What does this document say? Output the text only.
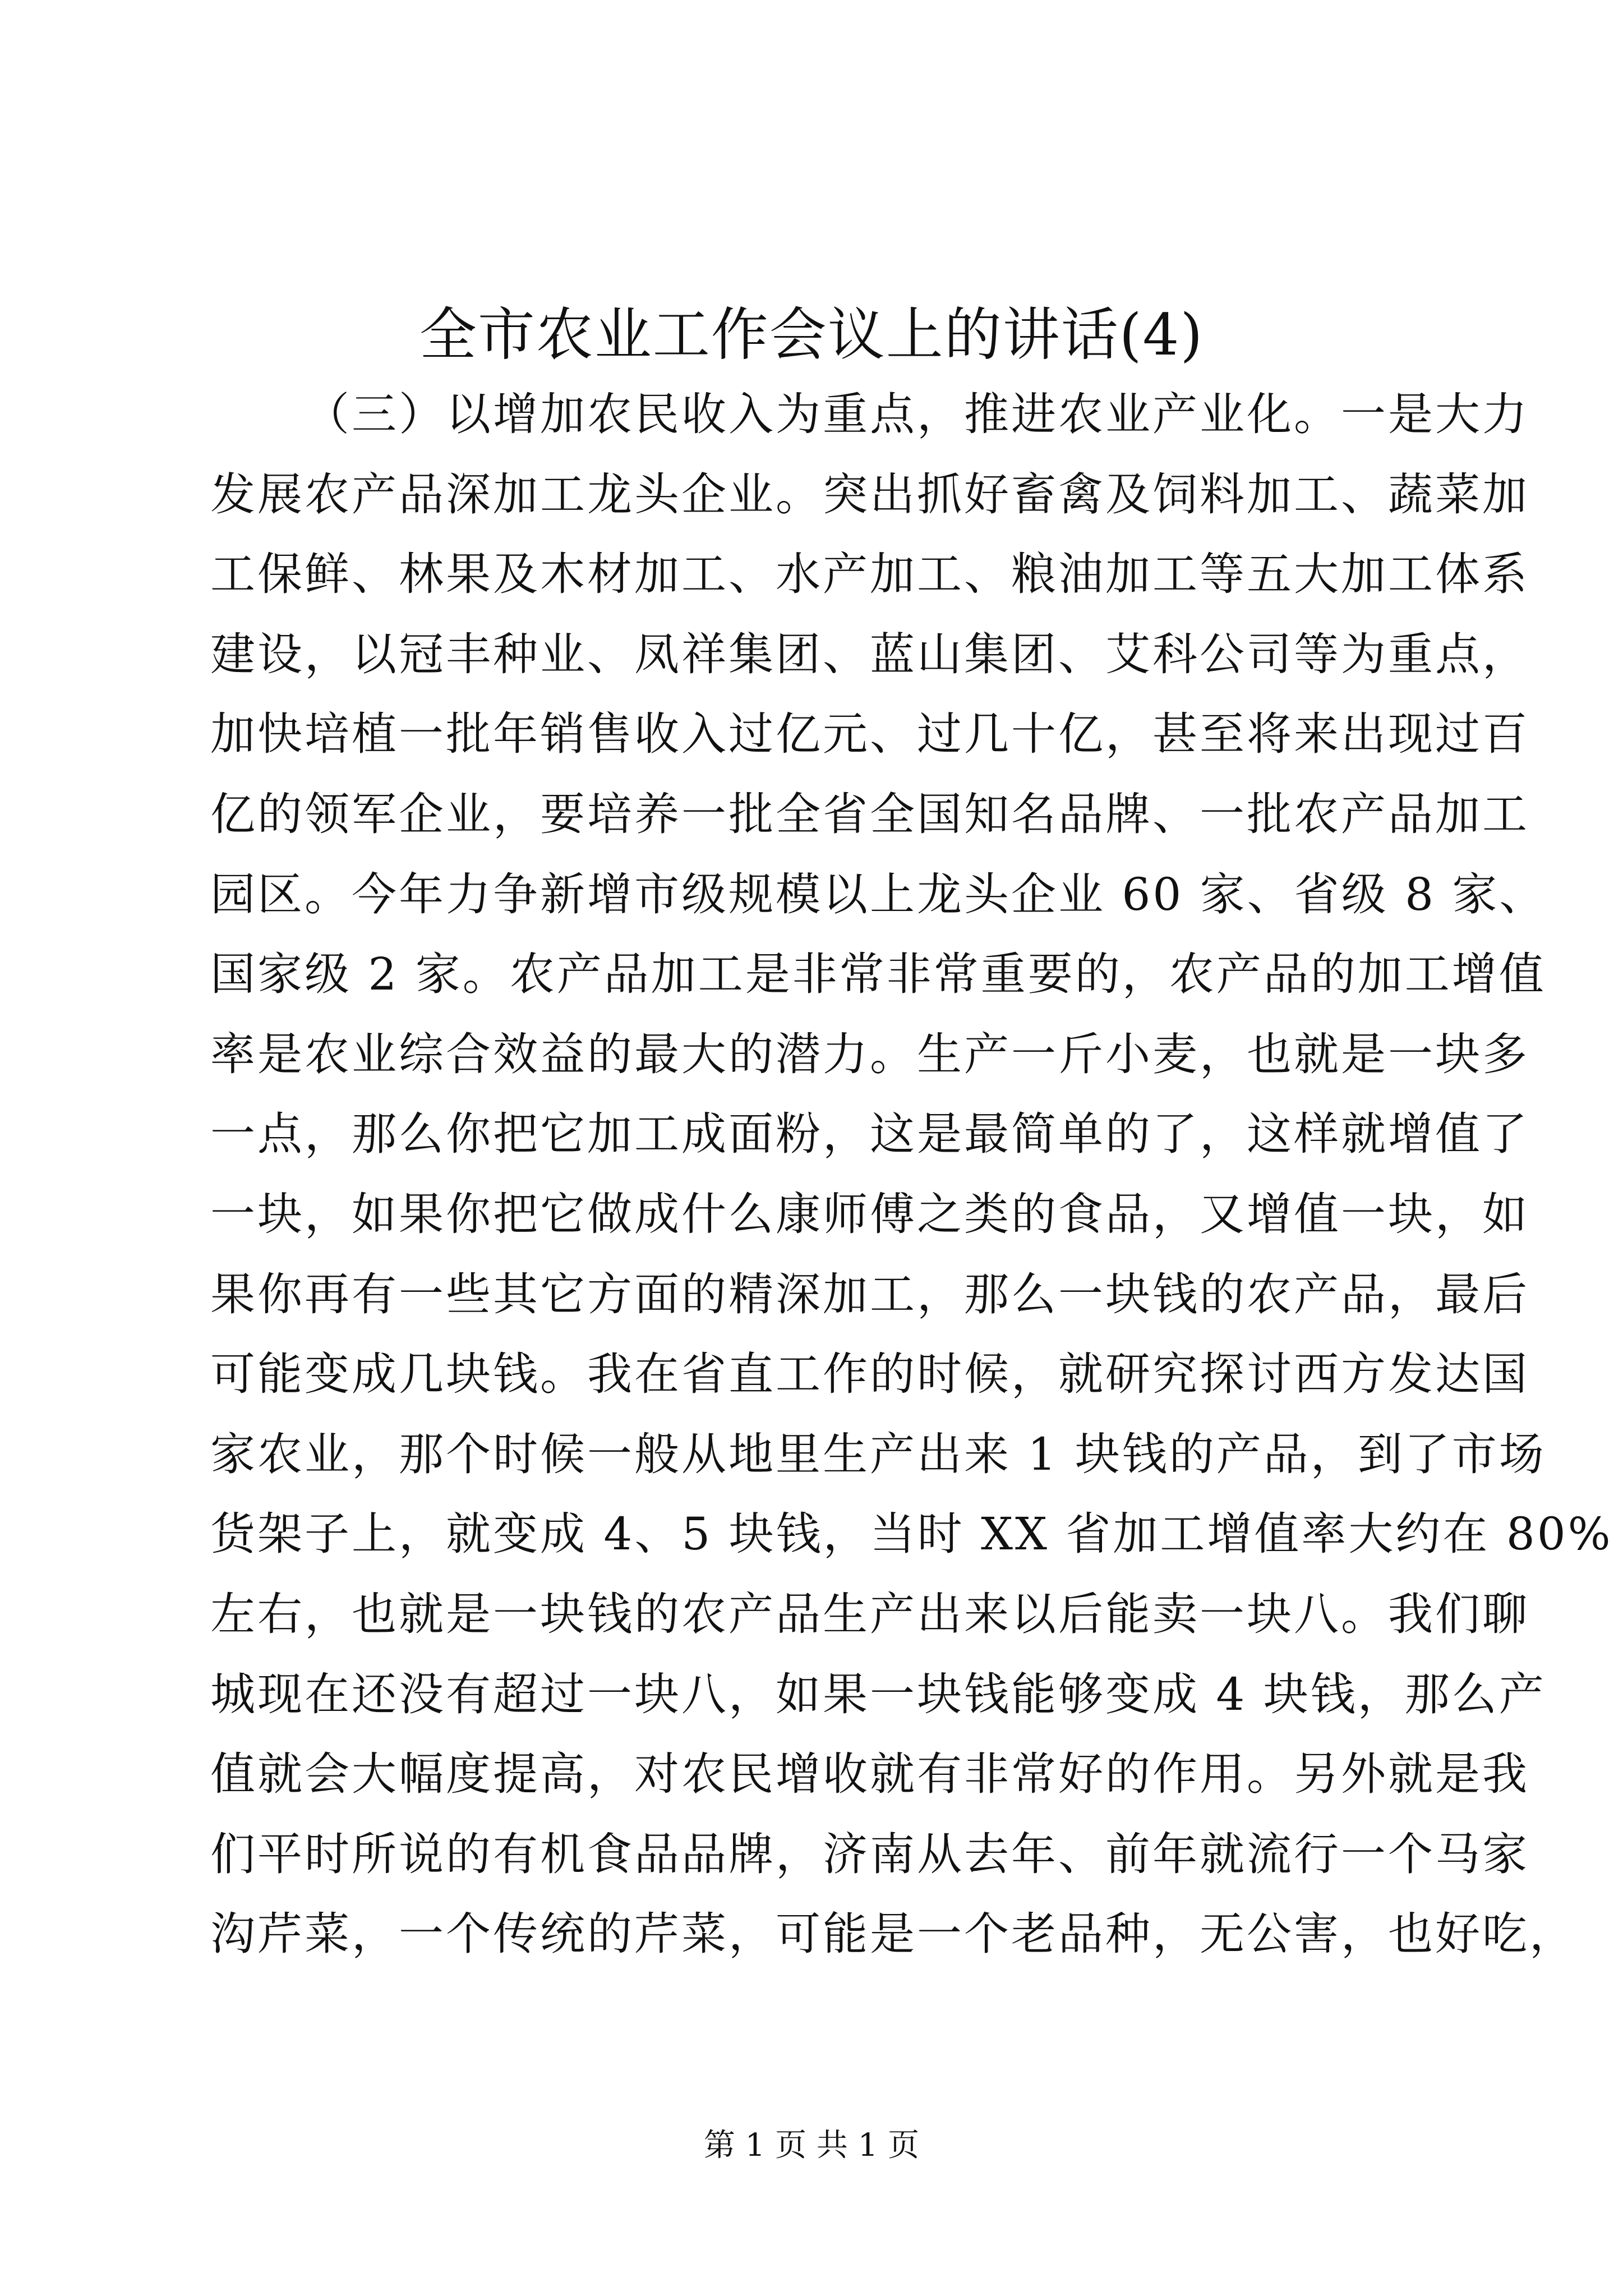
全市农业工作会议上的讲话(4)
（三）以增加农民收入为重点，推进农业产业化。一是大力
发展农产品深加工龙头企业。突出抓好畜禽及饲料加工、蔬菜加
工保鲜、林果及木材加工、水产加工、粮油加工等五大加工体系
建设，以冠丰种业、凤祥集团、蓝山集团、艾科公司等为重点，
加快培植一批年销售收入过亿元、过几十亿，甚至将来出现过百
亿的领军企业，要培养一批全省全国知名品牌、一批农产品加工
园区。今年力争新增市级规模以上龙头企业 60 家、省级 8 家、
国家级 2 家。农产品加工是非常非常重要的，农产品的加工增值
率是农业综合效益的最大的潜力。生产一斤小麦，也就是一块多
一点，那么你把它加工成面粉，这是最简单的了，这样就增值了
一块，如果你把它做成什么康师傅之类的食品，又增值一块，如
果你再有一些其它方面的精深加工，那么一块钱的农产品，最后
可能变成几块钱。我在省直工作的时候，就研究探讨西方发达国
家农业，那个时候一般从地里生产出来 1 块钱的产品，到了市场
货架子上，就变成 4、5 块钱，当时 XX 省加工增值率大约在 80%
左右，也就是一块钱的农产品生产出来以后能卖一块八。我们聊
城现在还没有超过一块八，如果一块钱能够变成 4 块钱，那么产
值就会大幅度提高，对农民增收就有非常好的作用。另外就是我
们平时所说的有机食品品牌，济南从去年、前年就流行一个马家
沟芹菜，一个传统的芹菜，可能是一个老品种，无公害，也好吃，
第 1 页 共 1 页
